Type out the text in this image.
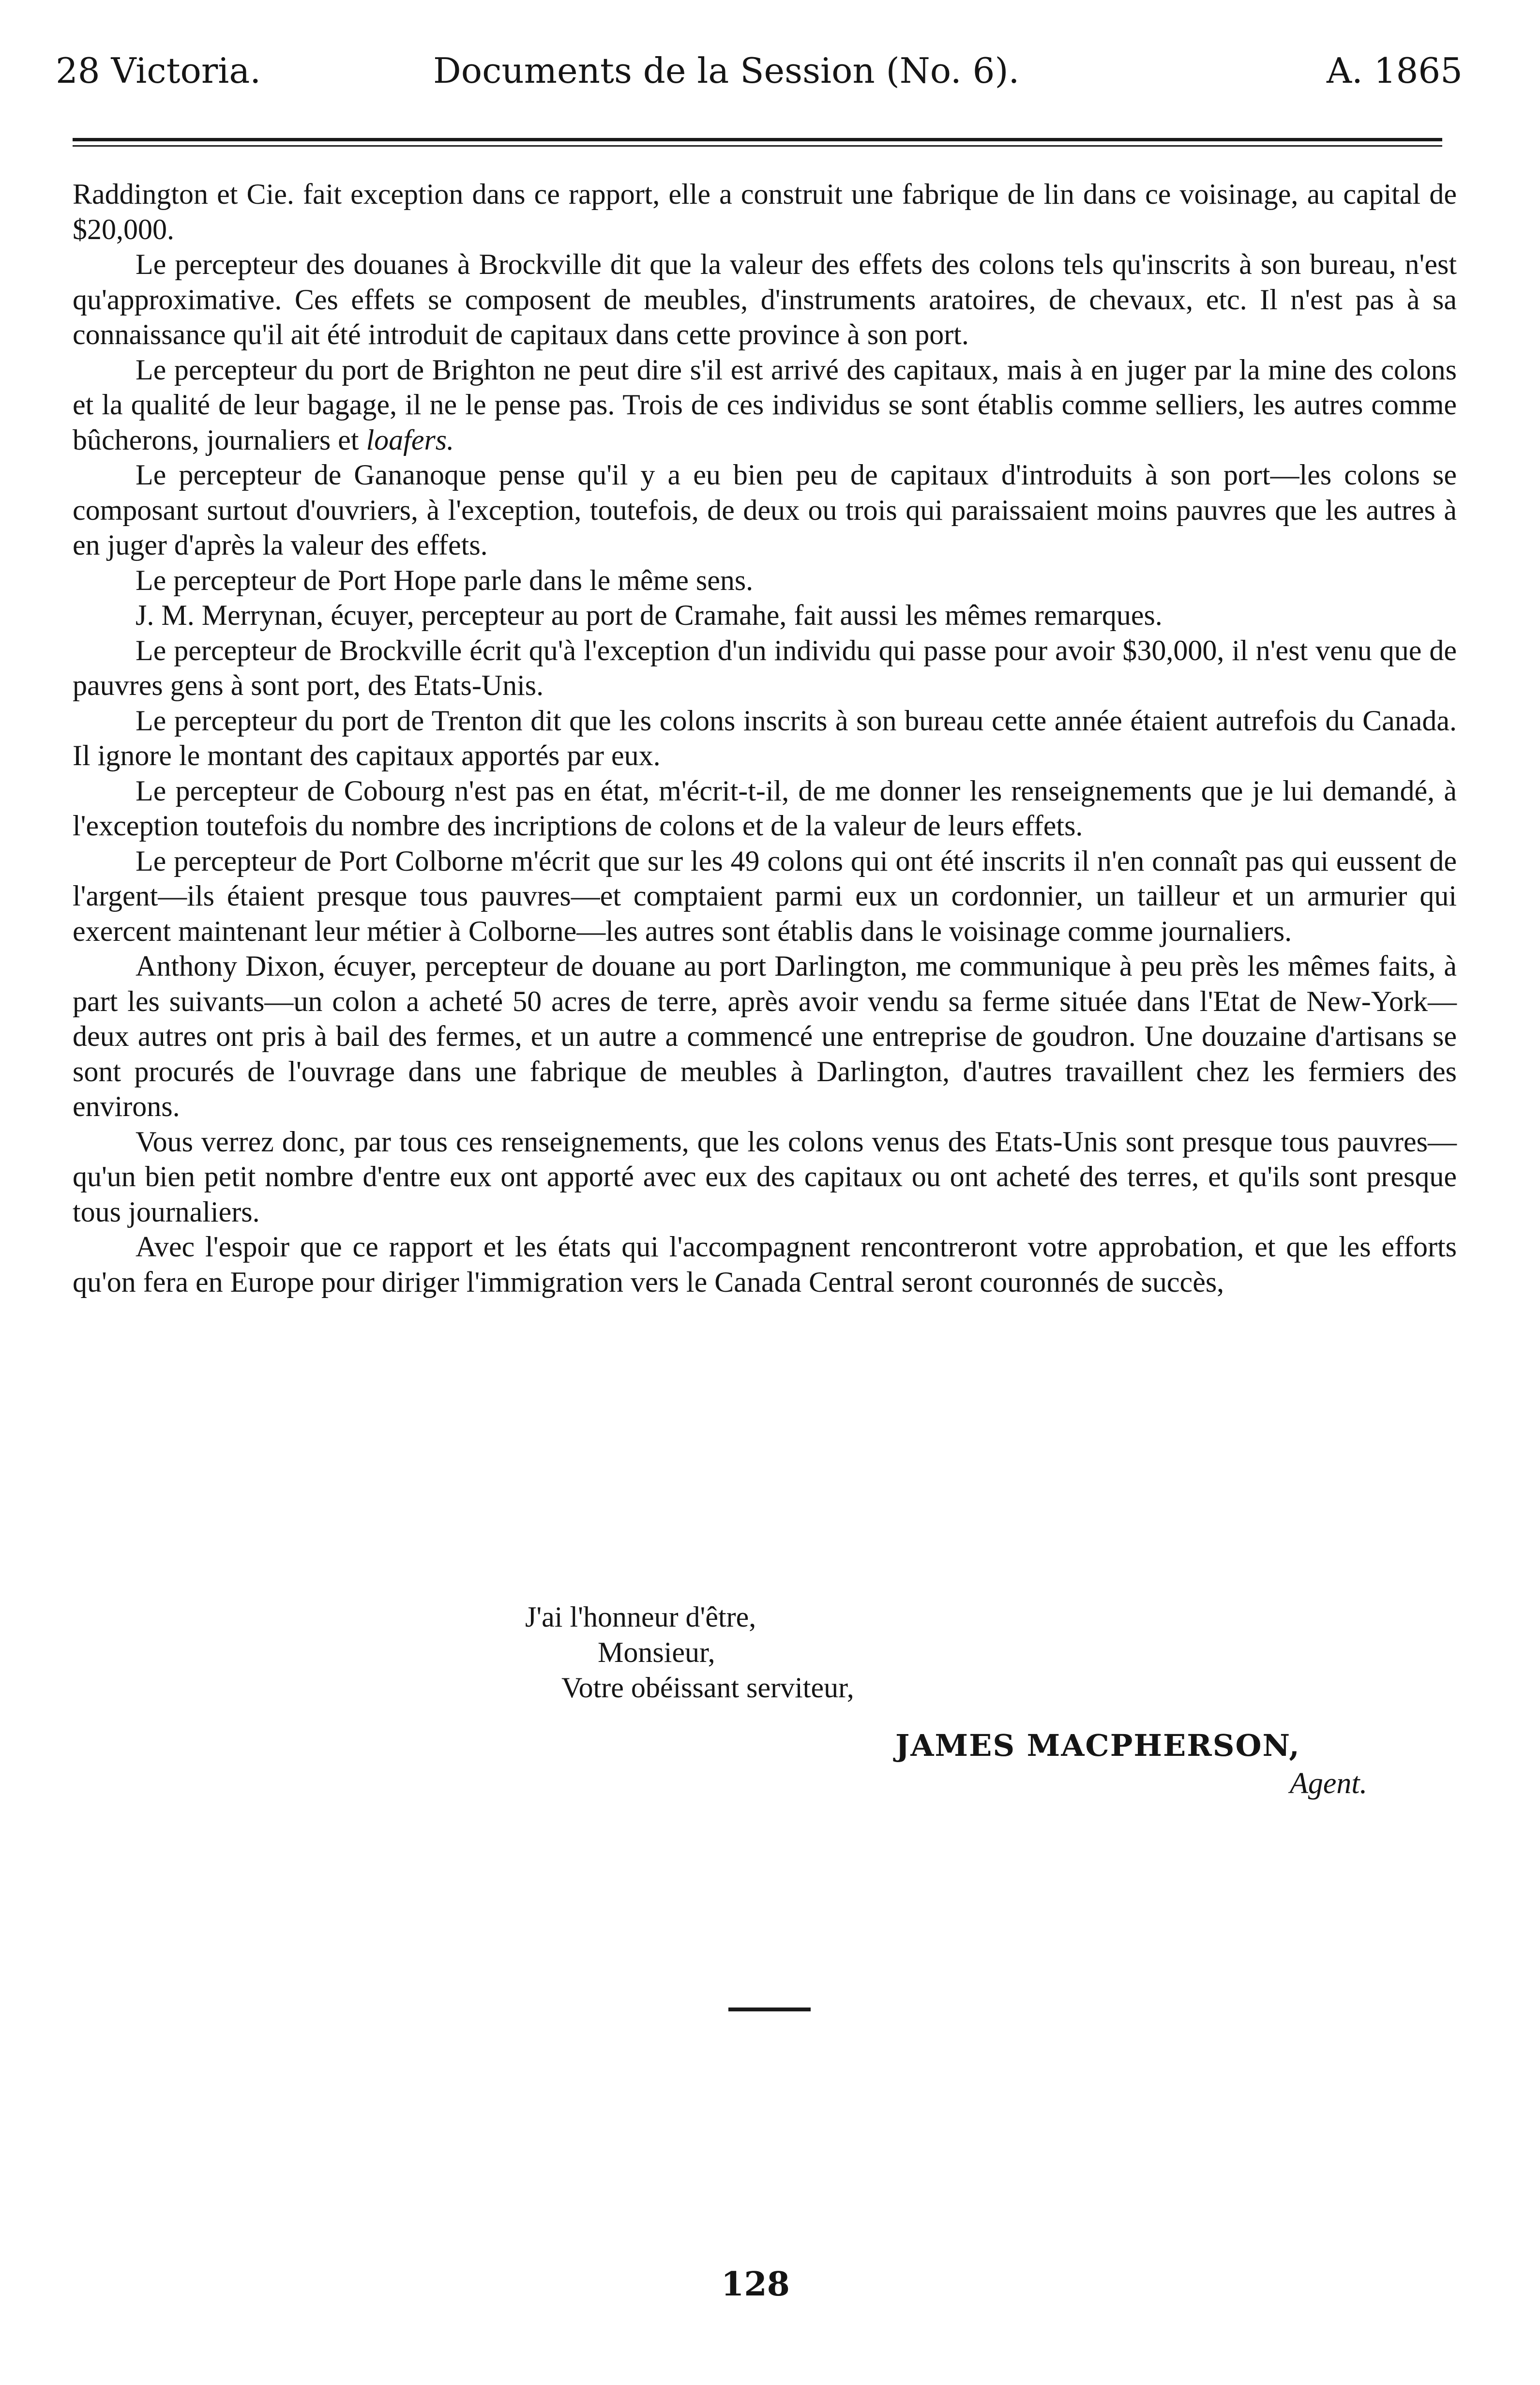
28 Victoria.	Documents de la Session (No. 6).	A. 1865

Raddington et Cie. fait exception dans ce rapport, elle a construit une fabrique de lin dans ce voisinage, au capital de $20,000.

Le percepteur des douanes à Brockville dit que la valeur des effets des colons tels qu'inscrits à son bureau, n'est qu'approximative. Ces effets se composent de meubles, d'instruments aratoires, de chevaux, etc. Il n'est pas à sa connaissance qu'il ait été introduit de capitaux dans cette province à son port.

Le percepteur du port de Brighton ne peut dire s'il est arrivé des capitaux, mais à en juger par la mine des colons et la qualité de leur bagage, il ne le pense pas. Trois de ces individus se sont établis comme selliers, les autres comme bûcherons, journaliers et loafers.

Le percepteur de Gananoque pense qu'il y a eu bien peu de capitaux d'introduits à son port—les colons se composant surtout d'ouvriers, à l'exception, toutefois, de deux ou trois qui paraissaient moins pauvres que les autres à en juger d'après la valeur des effets.

Le percepteur de Port Hope parle dans le même sens.

J. M. Merrynan, écuyer, percepteur au port de Cramahe, fait aussi les mêmes remarques.

Le percepteur de Brockville écrit qu'à l'exception d'un individu qui passe pour avoir $30,000, il n'est venu que de pauvres gens à sont port, des Etats-Unis.

Le percepteur du port de Trenton dit que les colons inscrits à son bureau cette année étaient autrefois du Canada. Il ignore le montant des capitaux apportés par eux.

Le percepteur de Cobourg n'est pas en état, m'écrit-t-il, de me donner les renseignements que je lui demandé, à l'exception toutefois du nombre des incriptions de colons et de la valeur de leurs effets.

Le percepteur de Port Colborne m'écrit que sur les 49 colons qui ont été inscrits il n'en connaît pas qui eussent de l'argent—ils étaient presque tous pauvres—et comptaient parmi eux un cordonnier, un tailleur et un armurier qui exercent maintenant leur métier à Colborne—les autres sont établis dans le voisinage comme journaliers.

Anthony Dixon, écuyer, percepteur de douane au port Darlington, me communique à peu près les mêmes faits, à part les suivants—un colon a acheté 50 acres de terre, après avoir vendu sa ferme située dans l'Etat de New-York—deux autres ont pris à bail des fermes, et un autre a commencé une entreprise de goudron. Une douzaine d'artisans se sont procurés de l'ouvrage dans une fabrique de meubles à Darlington, d'autres travaillent chez les fermiers des environs.

Vous verrez donc, par tous ces renseignements, que les colons venus des Etats-Unis sont presque tous pauvres—qu'un bien petit nombre d'entre eux ont apporté avec eux des capitaux ou ont acheté des terres, et qu'ils sont presque tous journaliers.

Avec l'espoir que ce rapport et les états qui l'accompagnent rencontreront votre approbation, et que les efforts qu'on fera en Europe pour diriger l'immigration vers le Canada Central seront couronnés de succès,

J'ai l'honneur d'être,
Monsieur,
Votre obéissant serviteur,
JAMES MACPHERSON,
Agent.
128
